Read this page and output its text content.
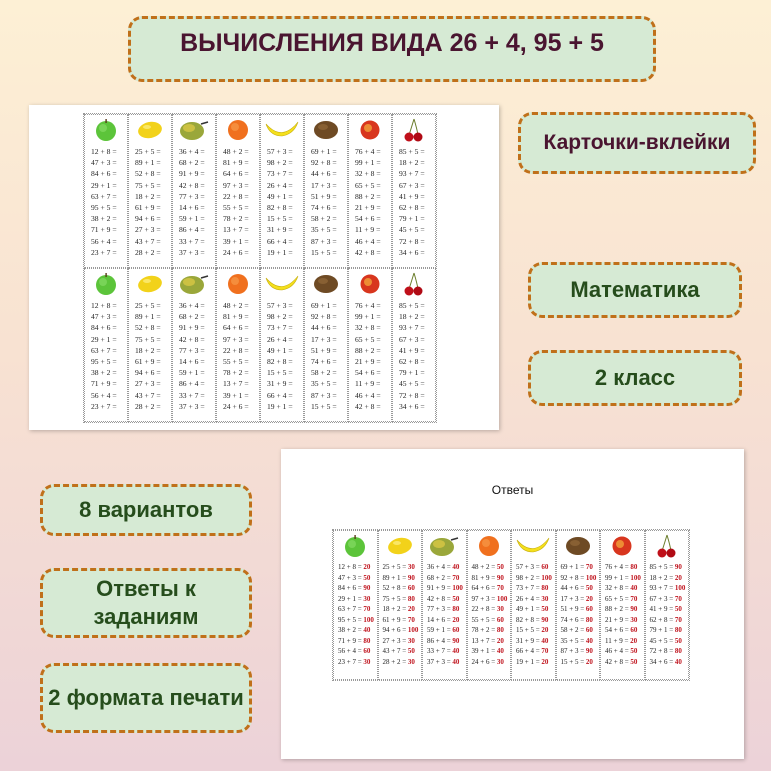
ВЫЧИСЛЕНИЯ ВИДА 26 + 4, 95 + 5
12 + 8 =
47 + 3 =
84 + 6 =
29 + 1 =
63 + 7 =
95 + 5 =
38 + 2 =
71 + 9 =
56 + 4 =
23 + 7 =
25 + 5 =
89 + 1 =
52 + 8 =
75 + 5 =
18 + 2 =
61 + 9 =
94 + 6 =
27 + 3 =
43 + 7 =
28 + 2 =
36 + 4 =
68 + 2 =
91 + 9 =
42 + 8 =
77 + 3 =
14 + 6 =
59 + 1 =
86 + 4 =
33 + 7 =
37 + 3 =
48 + 2 =
81 + 9 =
64 + 6 =
97 + 3 =
22 + 8 =
55 + 5 =
78 + 2 =
13 + 7 =
39 + 1 =
24 + 6 =
57 + 3 =
98 + 2 =
73 + 7 =
26 + 4 =
49 + 1 =
82 + 8 =
15 + 5 =
31 + 9 =
66 + 4 =
19 + 1 =
69 + 1 =
92 + 8 =
44 + 6 =
17 + 3 =
51 + 9 =
74 + 6 =
58 + 2 =
35 + 5 =
87 + 3 =
15 + 5 =
76 + 4 =
99 + 1 =
32 + 8 =
65 + 5 =
88 + 2 =
21 + 9 =
54 + 6 =
11 + 9 =
46 + 4 =
42 + 8 =
85 + 5 =
18 + 2 =
93 + 7 =
67 + 3 =
41 + 9 =
62 + 8 =
79 + 1 =
45 + 5 =
72 + 8 =
34 + 6 =
12 + 8 =
47 + 3 =
84 + 6 =
29 + 1 =
63 + 7 =
95 + 5 =
38 + 2 =
71 + 9 =
56 + 4 =
23 + 7 =
25 + 5 =
89 + 1 =
52 + 8 =
75 + 5 =
18 + 2 =
61 + 9 =
94 + 6 =
27 + 3 =
43 + 7 =
28 + 2 =
36 + 4 =
68 + 2 =
91 + 9 =
42 + 8 =
77 + 3 =
14 + 6 =
59 + 1 =
86 + 4 =
33 + 7 =
37 + 3 =
48 + 2 =
81 + 9 =
64 + 6 =
97 + 3 =
22 + 8 =
55 + 5 =
78 + 2 =
13 + 7 =
39 + 1 =
24 + 6 =
57 + 3 =
98 + 2 =
73 + 7 =
26 + 4 =
49 + 1 =
82 + 8 =
15 + 5 =
31 + 9 =
66 + 4 =
19 + 1 =
69 + 1 =
92 + 8 =
44 + 6 =
17 + 3 =
51 + 9 =
74 + 6 =
58 + 2 =
35 + 5 =
87 + 3 =
15 + 5 =
76 + 4 =
99 + 1 =
32 + 8 =
65 + 5 =
88 + 2 =
21 + 9 =
54 + 6 =
11 + 9 =
46 + 4 =
42 + 8 =
85 + 5 =
18 + 2 =
93 + 7 =
67 + 3 =
41 + 9 =
62 + 8 =
79 + 1 =
45 + 5 =
72 + 8 =
34 + 6 =
Карточки-вклейки
Математика
2 класс
8 вариантов
Ответы к заданиям
2 формата печати
Ответы
12 + 8 = 20
47 + 3 = 50
84 + 6 = 90
29 + 1 = 30
63 + 7 = 70
95 + 5 = 100
38 + 2 = 40
71 + 9 = 80
56 + 4 = 60
23 + 7 = 30
25 + 5 = 30
89 + 1 = 90
52 + 8 = 60
75 + 5 = 80
18 + 2 = 20
61 + 9 = 70
94 + 6 = 100
27 + 3 = 30
43 + 7 = 50
28 + 2 = 30
36 + 4 = 40
68 + 2 = 70
91 + 9 = 100
42 + 8 = 50
77 + 3 = 80
14 + 6 = 20
59 + 1 = 60
86 + 4 = 90
33 + 7 = 40
37 + 3 = 40
48 + 2 = 50
81 + 9 = 90
64 + 6 = 70
97 + 3 = 100
22 + 8 = 30
55 + 5 = 60
78 + 2 = 80
13 + 7 = 20
39 + 1 = 40
24 + 6 = 30
57 + 3 = 60
98 + 2 = 100
73 + 7 = 80
26 + 4 = 30
49 + 1 = 50
82 + 8 = 90
15 + 5 = 20
31 + 9 = 40
66 + 4 = 70
19 + 1 = 20
69 + 1 = 70
92 + 8 = 100
44 + 6 = 50
17 + 3 = 20
51 + 9 = 60
74 + 6 = 80
58 + 2 = 60
35 + 5 = 40
87 + 3 = 90
15 + 5 = 20
76 + 4 = 80
99 + 1 = 100
32 + 8 = 40
65 + 5 = 70
88 + 2 = 90
21 + 9 = 30
54 + 6 = 60
11 + 9 = 20
46 + 4 = 50
42 + 8 = 50
85 + 5 = 90
18 + 2 = 20
93 + 7 = 100
67 + 3 = 70
41 + 9 = 50
62 + 8 = 70
79 + 1 = 80
45 + 5 = 50
72 + 8 = 80
34 + 6 = 40
